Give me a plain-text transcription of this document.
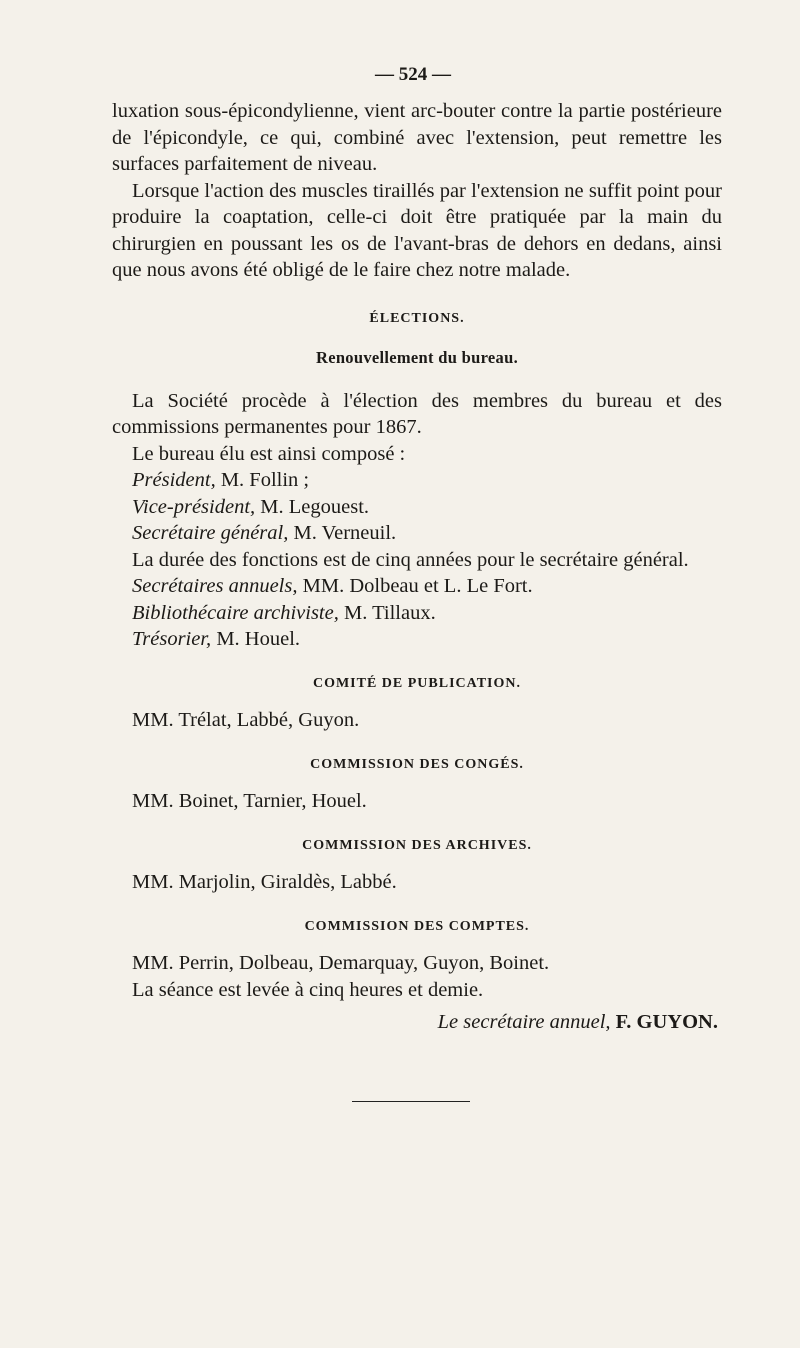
— 524 —

luxation sous-épicondylienne, vient arc-bouter contre la partie postérieure de l'épicondyle, ce qui, combiné avec l'extension, peut remettre les surfaces parfaitement de niveau.

Lorsque l'action des muscles tiraillés par l'extension ne suffit point pour produire la coaptation, celle-ci doit être pratiquée par la main du chirurgien en poussant les os de l'avant-bras de dehors en dedans, ainsi que nous avons été obligé de le faire chez notre malade.

ÉLECTIONS.

Renouvellement du bureau.

La Société procède à l'élection des membres du bureau et des commissions permanentes pour 1867.

Le bureau élu est ainsi composé :

Président, M. Follin ;

Vice-président, M. Legouest.

Secrétaire général, M. Verneuil.

La durée des fonctions est de cinq années pour le secrétaire général.

Secrétaires annuels, MM. Dolbeau et L. Le Fort.

Bibliothécaire archiviste, M. Tillaux.

Trésorier, M. Houel.

COMITÉ DE PUBLICATION.

MM. Trélat, Labbé, Guyon.

COMMISSION DES CONGÉS.

MM. Boinet, Tarnier, Houel.

COMMISSION DES ARCHIVES.

MM. Marjolin, Giraldès, Labbé.

COMMISSION DES COMPTES.

MM. Perrin, Dolbeau, Demarquay, Guyon, Boinet.

La séance est levée à cinq heures et demie.

Le secrétaire annuel, F. GUYON.
